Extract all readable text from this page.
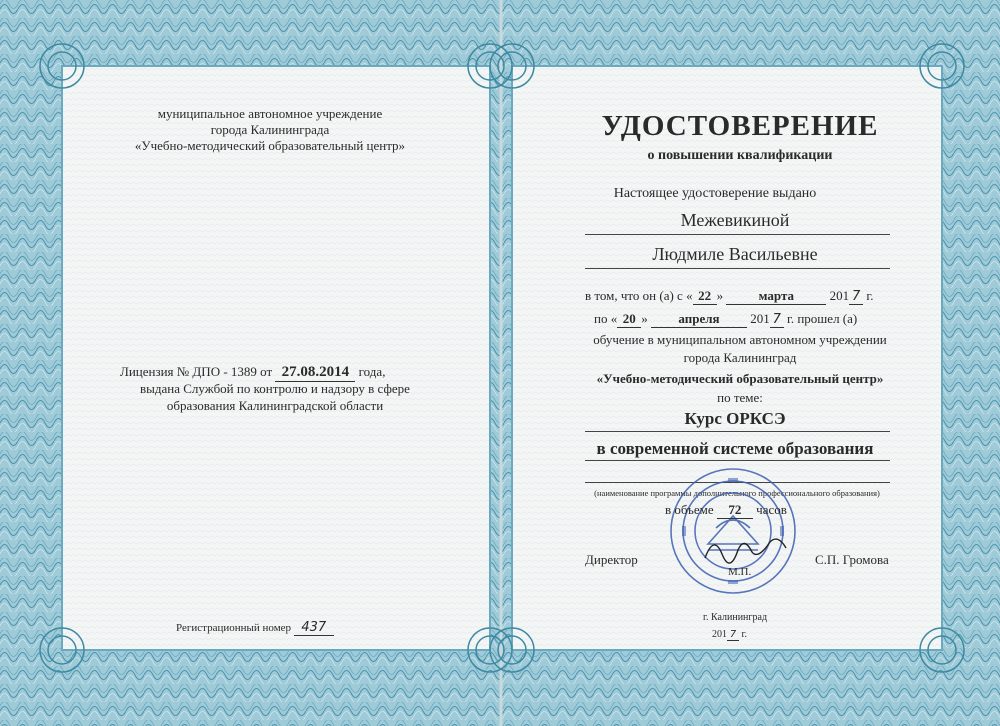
муниципальное автономное учреждение
города Калининграда
«Учебно-методический образовательный центр»
Лицензия № ДПО - 1389 от 27.08.2014 года,
выдана Службой по контролю и надзору в сфере
образования Калининградской области
Регистрационный номер 437
УДОСТОВЕРЕНИЕ
о повышении квалификации
Настоящее удостоверение выдано
Межевикиной
Людмиле Васильевне
в том, что он (а) с « 22 »	марта	201 7 г.
по « 20 » апреля 201 7 г. прошел (а)
обучение в муниципальном автономном учреждении
города Калининград
«Учебно-методический образовательный центр»
по теме:
Курс ОРКСЭ
в современной системе образования
(наименование программы дополнительного профессионального образования)
в объеме 72 часов
Директор
М.П.
С.П. Громова
г. Калининград
201 7 г.
